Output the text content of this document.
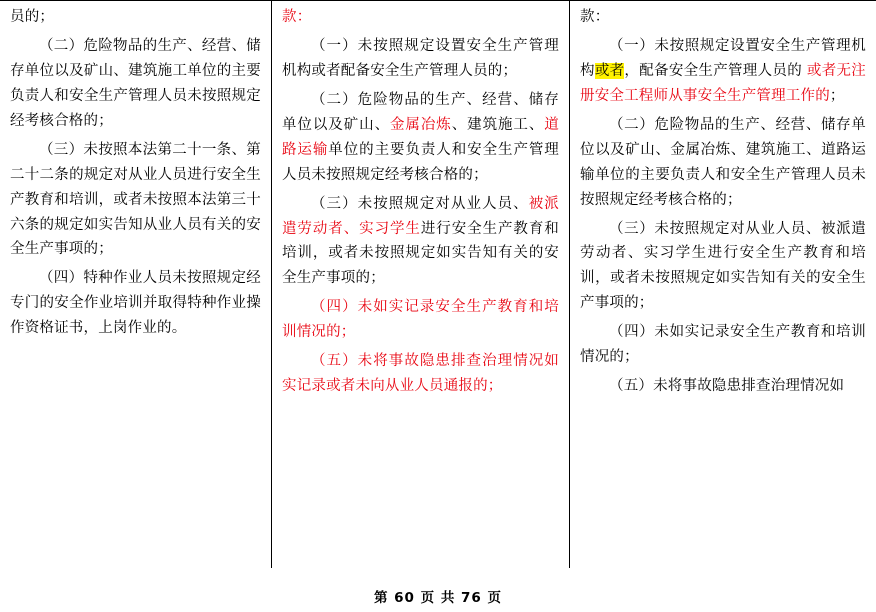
员的；

（二）危险物品的生产、经营、储存单位以及矿山、建筑施工单位的主要负责人和安全生产管理人员未按照规定经考核合格的；

（三）未按照本法第二十一条、第二十二条的规定对从业人员进行安全生产教育和培训，或者未按照本法第三十六条的规定如实告知从业人员有关的安全生产事项的；

（四）特种作业人员未按照规定经专门的安全作业培训并取得特种作业操作资格证书，上岗作业的。

款：

（一）未按照规定设置安全生产管理机构或者配备安全生产管理人员的；

（二）危险物品的生产、经营、储存单位以及矿山、金属冶炼、建筑施工、道路运输单位的主要负责人和安全生产管理人员未按照规定经考核合格的；

（三）未按照规定对从业人员、被派遣劳动者、实习学生进行安全生产教育和培训，或者未按照规定如实告知有关的安全生产事项的；

（四）未如实记录安全生产教育和培训情况的；

（五）未将事故隐患排查治理情况如实记录或者未向从业人员通报的；

款：

（一）未按照规定设置安全生产管理机构或者，配备安全生产管理人员的 或者无注册安全工程师从事安全生产管理工作的；

（二）危险物品的生产、经营、储存单位以及矿山、金属冶炼、建筑施工、道路运输单位的主要负责人和安全生产管理人员未按照规定经考核合格的；

（三）未按照规定对从业人员、被派遣劳动者、实习学生进行安全生产教育和培训，或者未按照规定如实告知有关的安全生产事项的；

（四）未如实记录安全生产教育和培训情况的；

（五）未将事故隐患排查治理情况如

第 60 页 共 76 页
